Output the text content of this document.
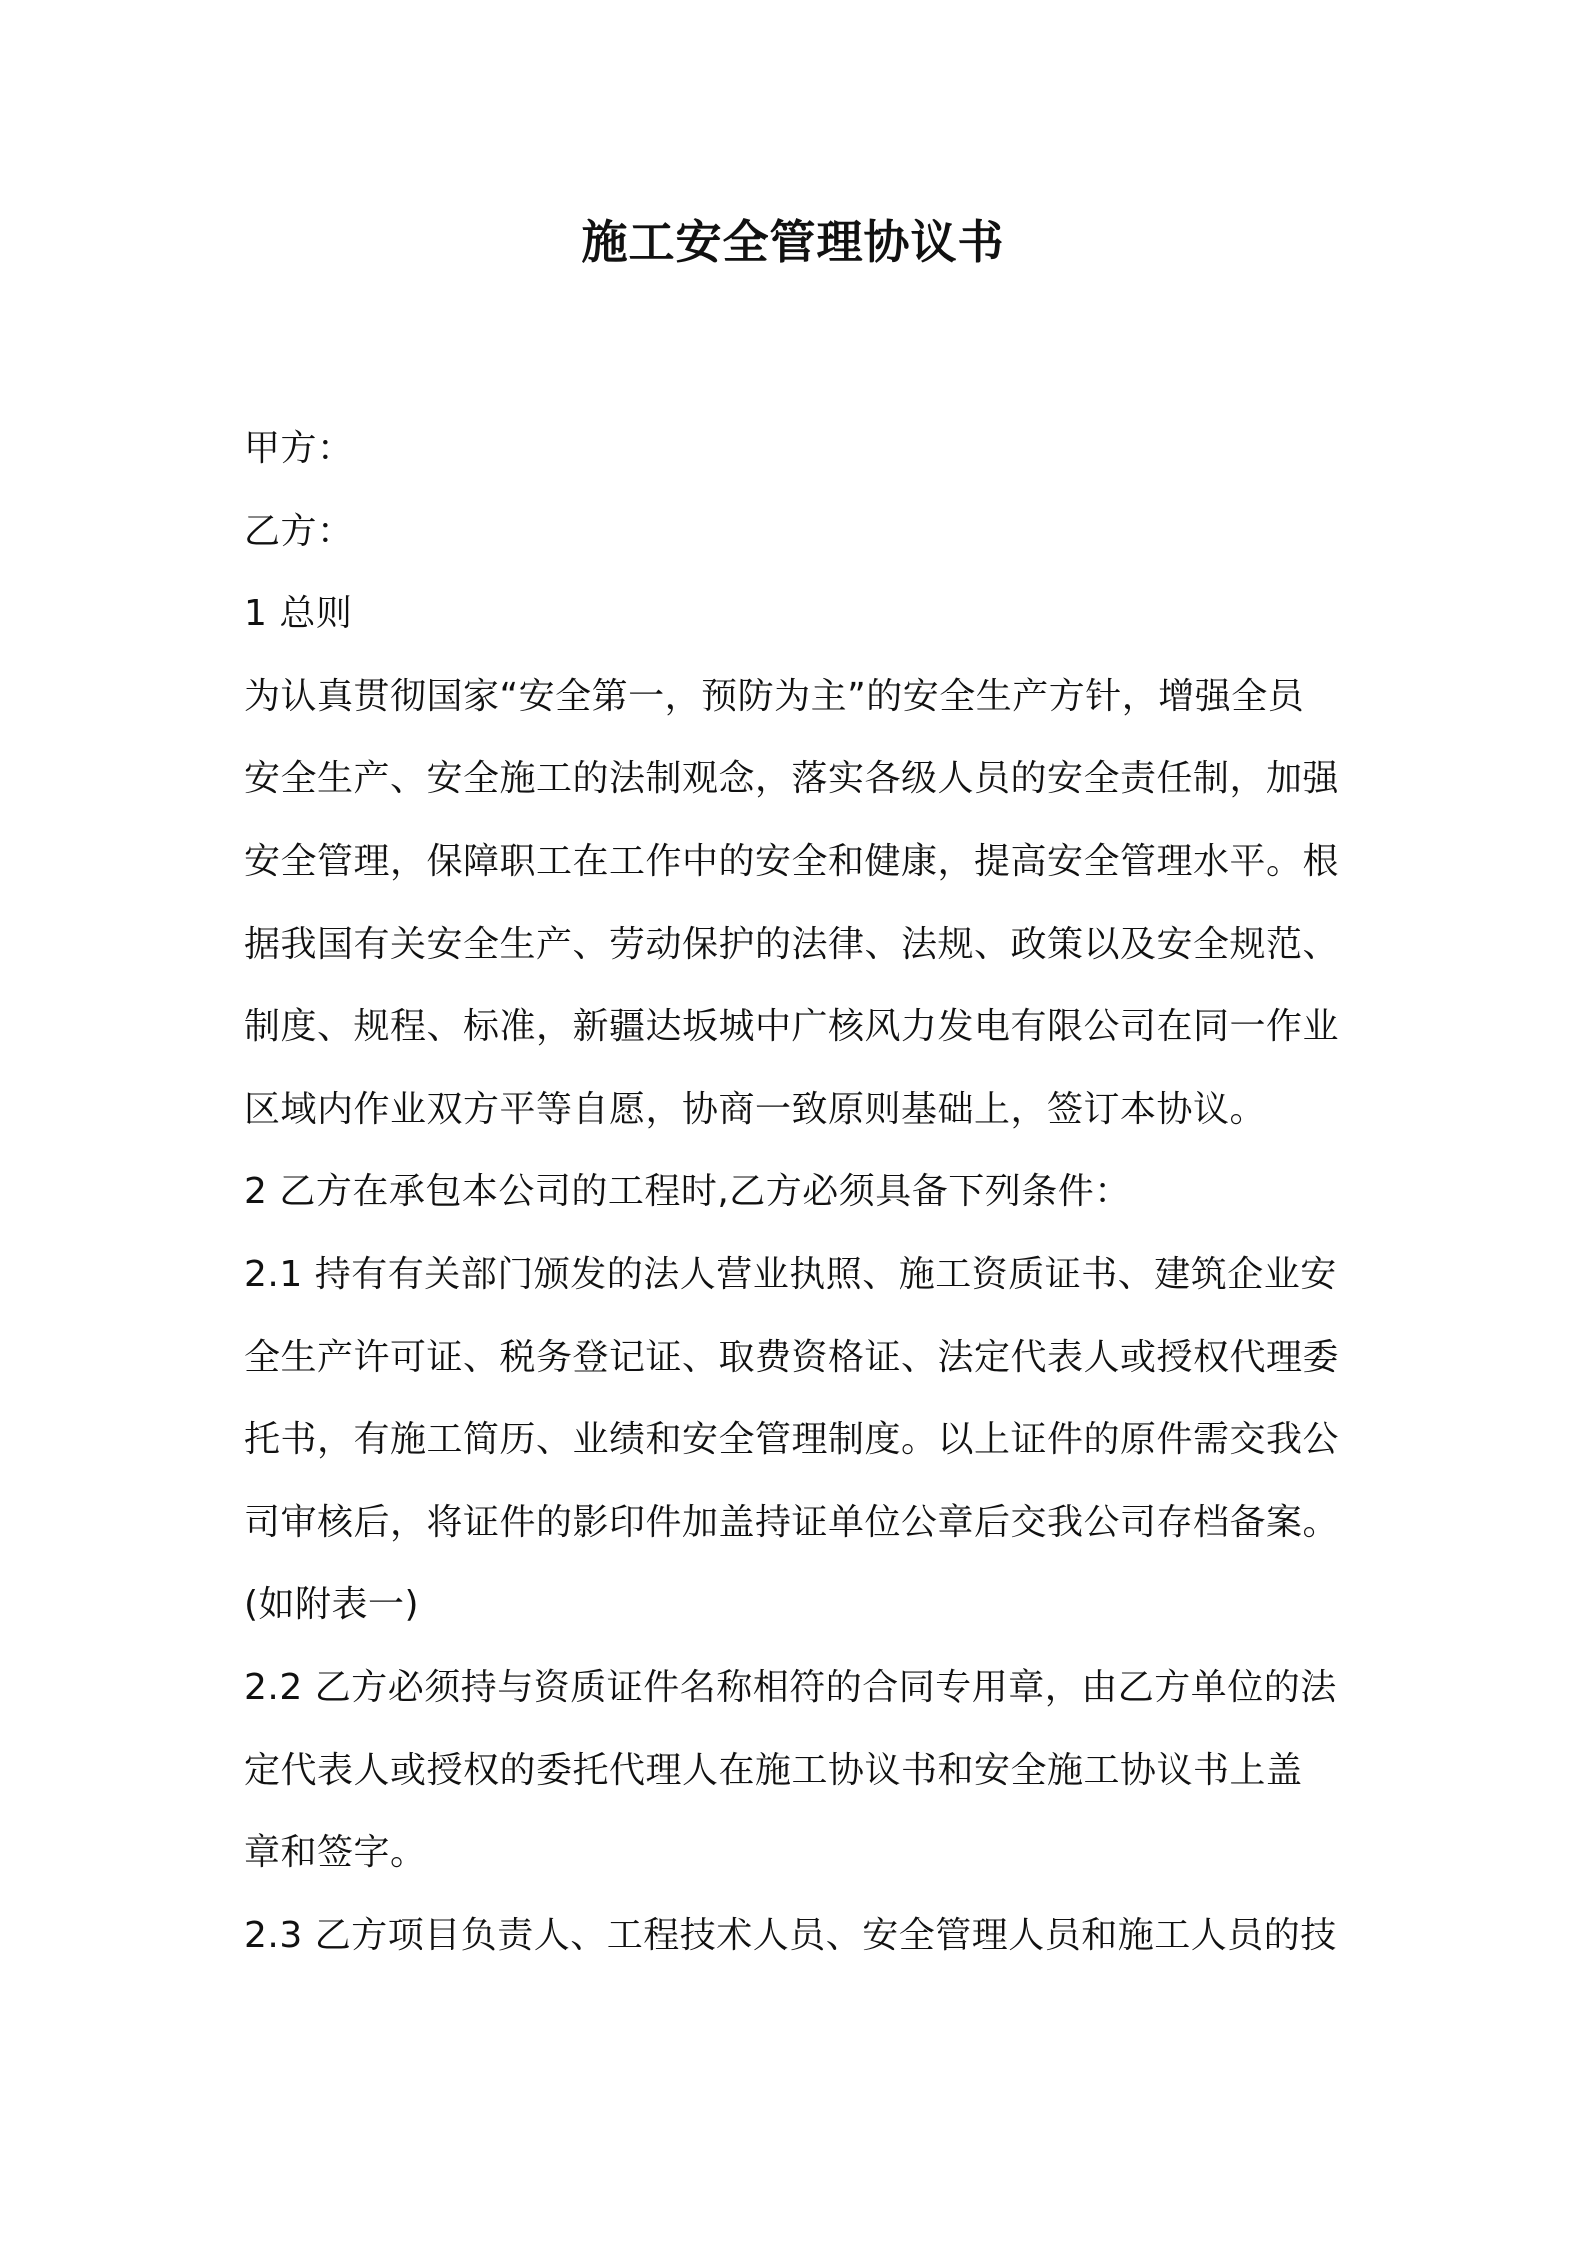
施工安全管理协议书

甲方：

乙方：

1 总则

为认真贯彻国家“安全第一，预防为主”的安全生产方针，增强全员

安全生产、安全施工的法制观念，落实各级人员的安全责任制，加强

安全管理，保障职工在工作中的安全和健康，提高安全管理水平。根

据我国有关安全生产、劳动保护的法律、法规、政策以及安全规范、

制度、规程、标准，新疆达坂城中广核风力发电有限公司在同一作业

区域内作业双方平等自愿，协商一致原则基础上，签订本协议。

2 乙方在承包本公司的工程时,乙方必须具备下列条件：

2.1 持有有关部门颁发的法人营业执照、施工资质证书、建筑企业安

全生产许可证、税务登记证、取费资格证、法定代表人或授权代理委

托书，有施工简历、业绩和安全管理制度。以上证件的原件需交我公

司审核后，将证件的影印件加盖持证单位公章后交我公司存档备案。

(如附表一)

2.2 乙方必须持与资质证件名称相符的合同专用章，由乙方单位的法

定代表人或授权的委托代理人在施工协议书和安全施工协议书上盖

章和签字。

2.3 乙方项目负责人、工程技术人员、安全管理人员和施工人员的技
